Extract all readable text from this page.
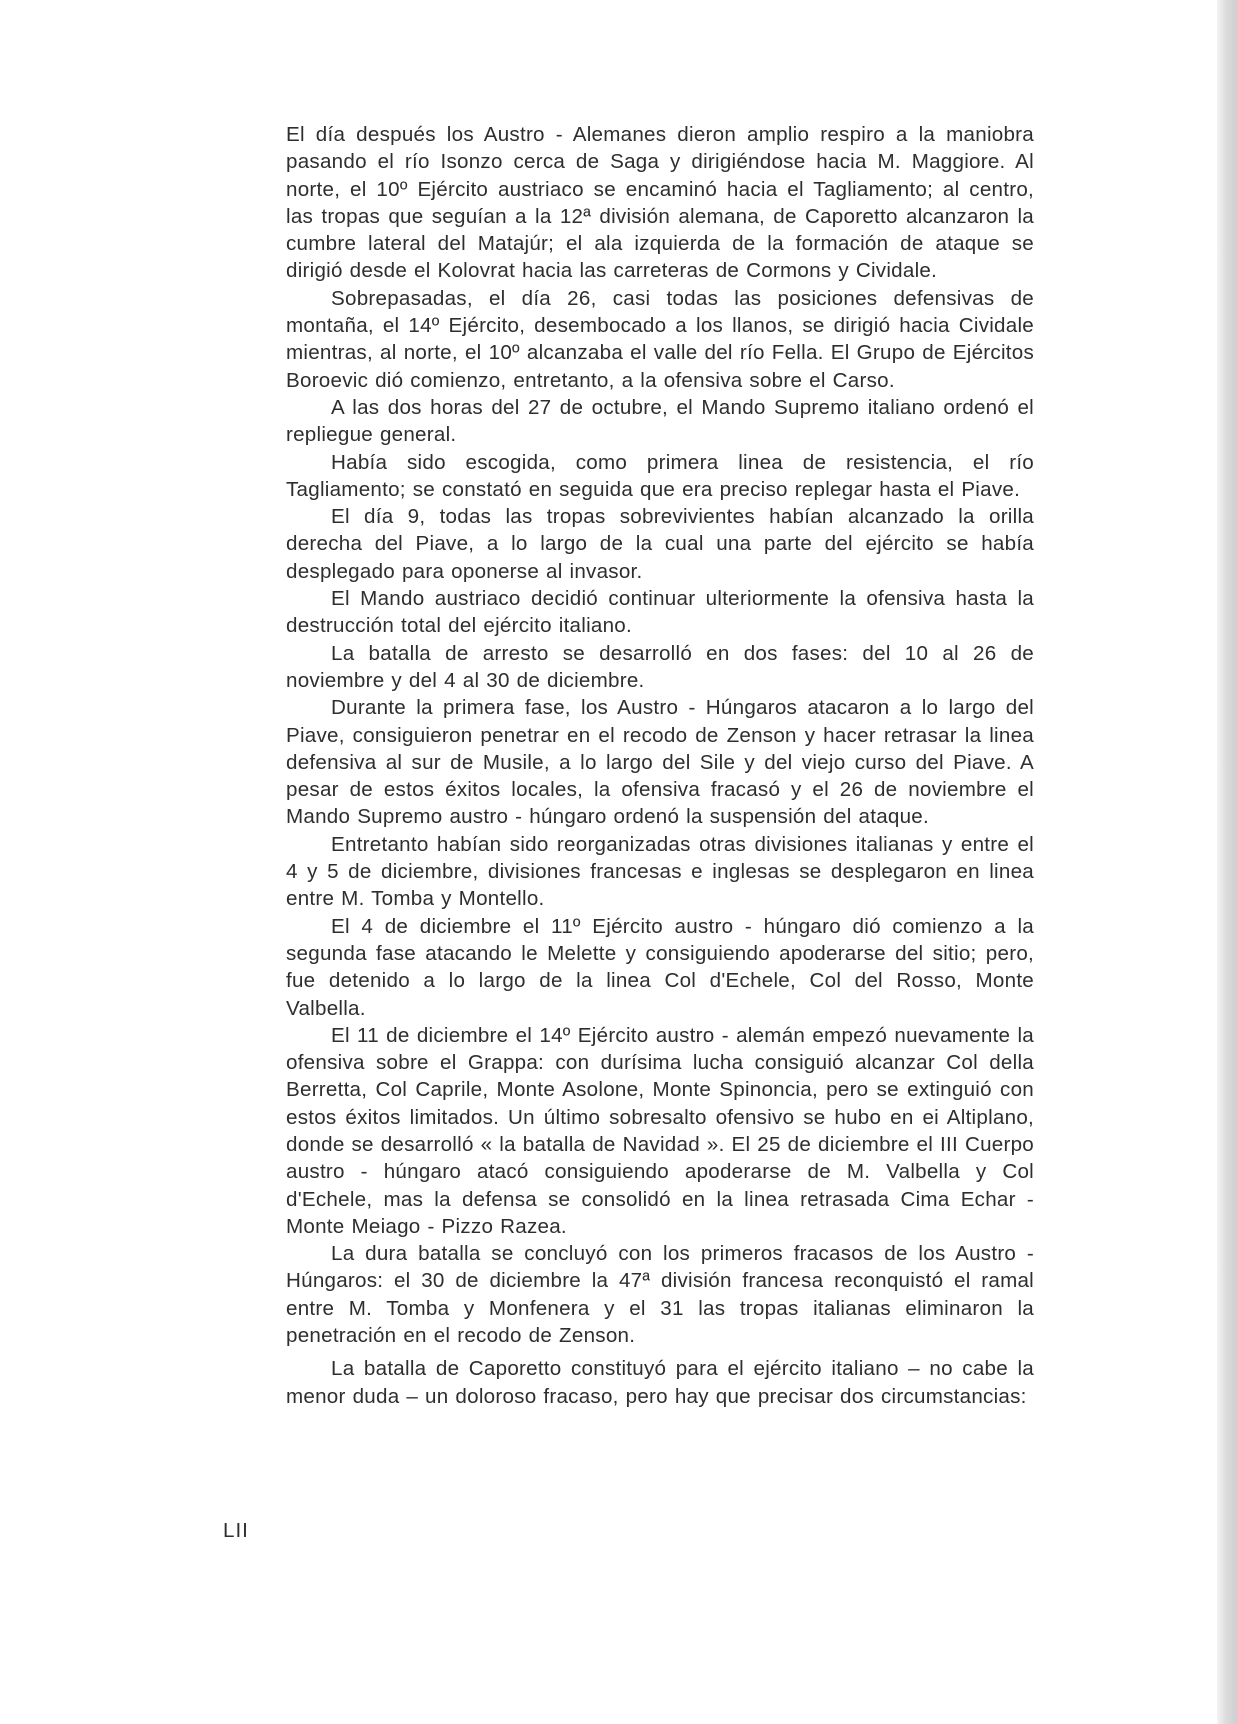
El día después los Austro - Alemanes dieron amplio respiro a la maniobra pasando el río Isonzo cerca de Saga y dirigiéndose hacia M. Maggiore. Al norte, el 10º Ejército austriaco se encaminó hacia el Tagliamento; al centro, las tropas que seguían a la 12ª división alemana, de Caporetto alcanzaron la cumbre lateral del Matajúr; el ala izquierda de la formación de ataque se dirigió desde el Kolovrat hacia las carreteras de Cormons y Cividale.

Sobrepasadas, el día 26, casi todas las posiciones defensivas de montaña, el 14º Ejército, desembocado a los llanos, se dirigió hacia Cividale mientras, al norte, el 10º alcanzaba el valle del río Fella. El Grupo de Ejércitos Boroevic dió comienzo, entretanto, a la ofensiva sobre el Carso.

A las dos horas del 27 de octubre, el Mando Supremo italiano ordenó el repliegue general.

Había sido escogida, como primera linea de resistencia, el río Tagliamento; se constató en seguida que era preciso replegar hasta el Piave.

El día 9, todas las tropas sobrevivientes habían alcanzado la orilla derecha del Piave, a lo largo de la cual una parte del ejército se había desplegado para oponerse al invasor.

El Mando austriaco decidió continuar ulteriormente la ofensiva hasta la destrucción total del ejército italiano.

La batalla de arresto se desarrolló en dos fases: del 10 al 26 de noviembre y del 4 al 30 de diciembre.

Durante la primera fase, los Austro - Húngaros atacaron a lo largo del Piave, consiguieron penetrar en el recodo de Zenson y hacer retrasar la linea defensiva al sur de Musile, a lo largo del Sile y del viejo curso del Piave. A pesar de estos éxitos locales, la ofensiva fracasó y el 26 de noviembre el Mando Supremo austro - húngaro ordenó la suspensión del ataque.

Entretanto habían sido reorganizadas otras divisiones italianas y entre el 4 y 5 de diciembre, divisiones francesas e inglesas se desplegaron en linea entre M. Tomba y Montello.

El 4 de diciembre el 11º Ejército austro - húngaro dió comienzo a la segunda fase atacando le Melette y consiguiendo apoderarse del sitio; pero, fue detenido a lo largo de la linea Col d'Echele, Col del Rosso, Monte Valbella.

El 11 de diciembre el 14º Ejército austro - alemán empezó nuevamente la ofensiva sobre el Grappa: con durísima lucha consiguió alcanzar Col della Berretta, Col Caprile, Monte Asolone, Monte Spinoncia, pero se extinguió con estos éxitos limitados. Un último sobresalto ofensivo se hubo en ei Altiplano, donde se desarrolló « la batalla de Navidad ». El 25 de diciembre el III Cuerpo austro - húngaro atacó consiguiendo apoderarse de M. Valbella y Col d'Echele, mas la defensa se consolidó en la linea retrasada Cima Echar - Monte Meiago - Pizzo Razea.

La dura batalla se concluyó con los primeros fracasos de los Austro - Húngaros: el 30 de diciembre la 47ª división francesa reconquistó el ramal entre M. Tomba y Monfenera y el 31 las tropas italianas eliminaron la penetración en el recodo de Zenson.

La batalla de Caporetto constituyó para el ejército italiano – no cabe la menor duda – un doloroso fracaso, pero hay que precisar dos circumstancias:

LII
